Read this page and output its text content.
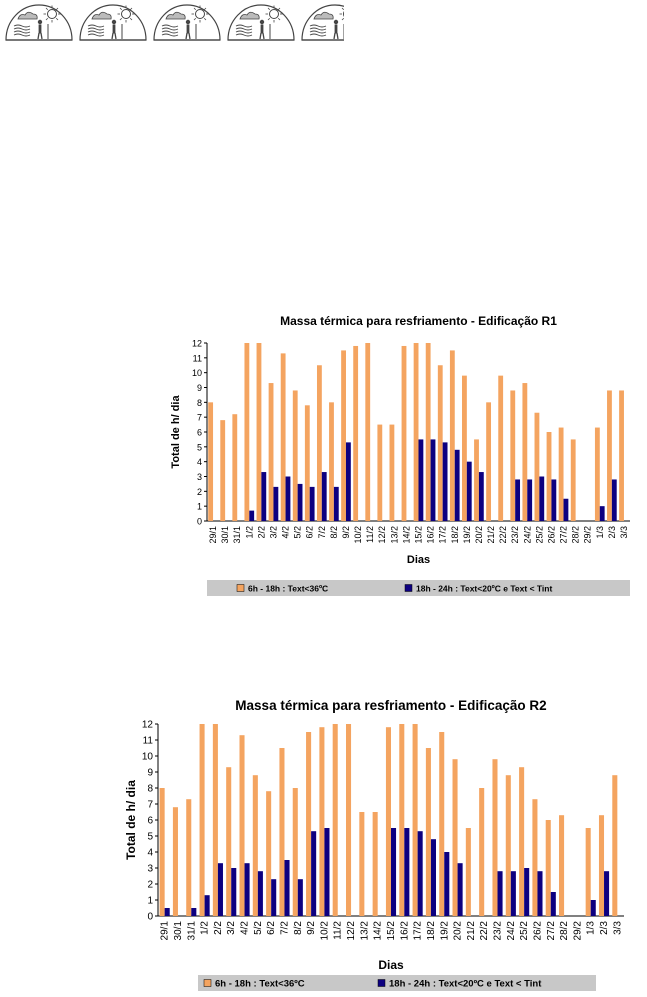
Massa térmica para resfriamento - Edificação R1
Total de h/ dia
0
1
2
3
4
5
6
7
8
9
10
11
12
29/1 30/1 31/1 1/2 2/2 3/2 4/2 5/2 6/2 7/2 8/2 9/2 10/2 11/2 12/2 13/2 14/2 15/2 16/2 17/2 18/2 19/2 20/2 21/2 22/2 23/2 24/2 25/2 26/2 27/2 28/2 29/2 1/3 2/3 3/3
Dias
6h - 18h : Text<36ºC	18h - 24h : Text<20ºC e Text < Tint
Massa térmica para resfriamento - Edificação R2
Total de h/ dia
0
1
2
3
4
5
6
7
8
9
10
11
12
29/1 30/1 31/1 1/2 2/2 3/2 4/2 5/2 6/2 7/2 8/2 9/2 10/2 11/2 12/2 13/2 14/2 15/2 16/2 17/2 18/2 19/2 20/2 21/2 22/2 23/2 24/2 25/2 26/2 27/2 28/2 29/2 1/3 2/3 3/3
Dias
6h - 18h : Text<36ºC	18h - 24h : Text<20ºC e Text < Tint
